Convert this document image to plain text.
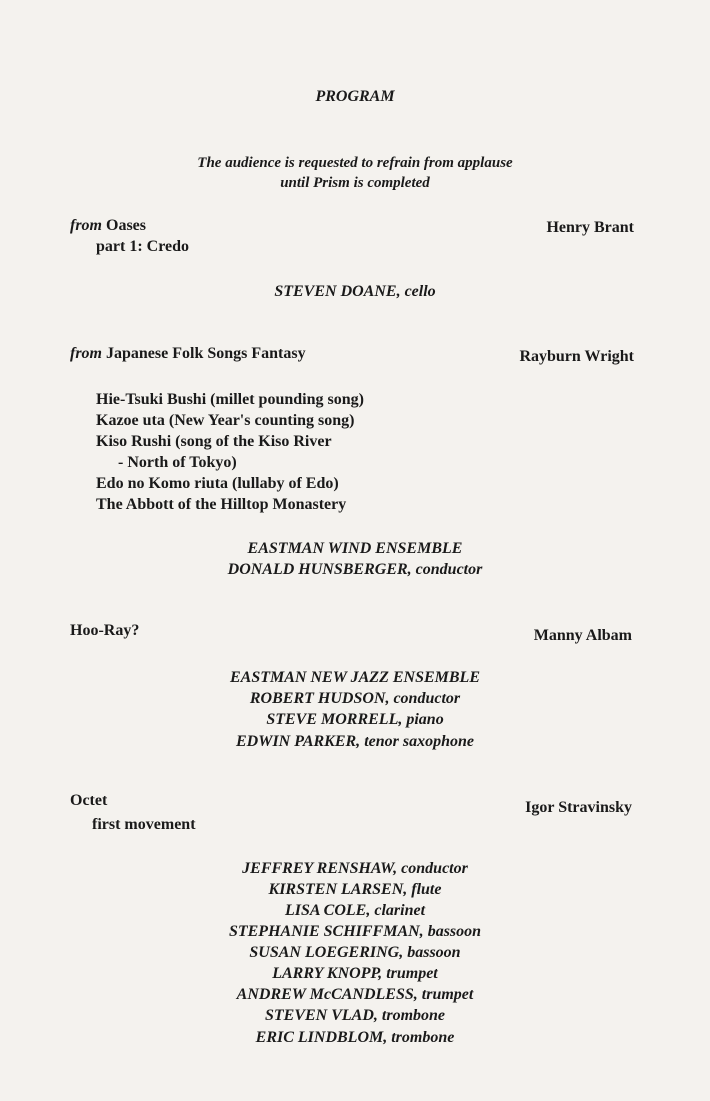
PROGRAM
The audience is requested to refrain from applause
until Prism is completed
from Oases	Henry Brant
part 1: Credo
STEVEN DOANE, cello
from Japanese Folk Songs Fantasy	Rayburn Wright
Hie-Tsuki Bushi (millet pounding song)
Kazoe uta (New Year's counting song)
Kiso Rushi (song of the Kiso River
- North of Tokyo)
Edo no Komo riuta (lullaby of Edo)
The Abbott of the Hilltop Monastery
EASTMAN WIND ENSEMBLE
DONALD HUNSBERGER, conductor
Hoo-Ray?	Manny Albam
EASTMAN NEW JAZZ ENSEMBLE
ROBERT HUDSON, conductor
STEVE MORRELL, piano
EDWIN PARKER, tenor saxophone
Octet	Igor Stravinsky
first movement
JEFFREY RENSHAW, conductor
KIRSTEN LARSEN, flute
LISA COLE, clarinet
STEPHANIE SCHIFFMAN, bassoon
SUSAN LOEGERING, bassoon
LARRY KNOPP, trumpet
ANDREW McCANDLESS, trumpet
STEVEN VLAD, trombone
ERIC LINDBLOM, trombone
